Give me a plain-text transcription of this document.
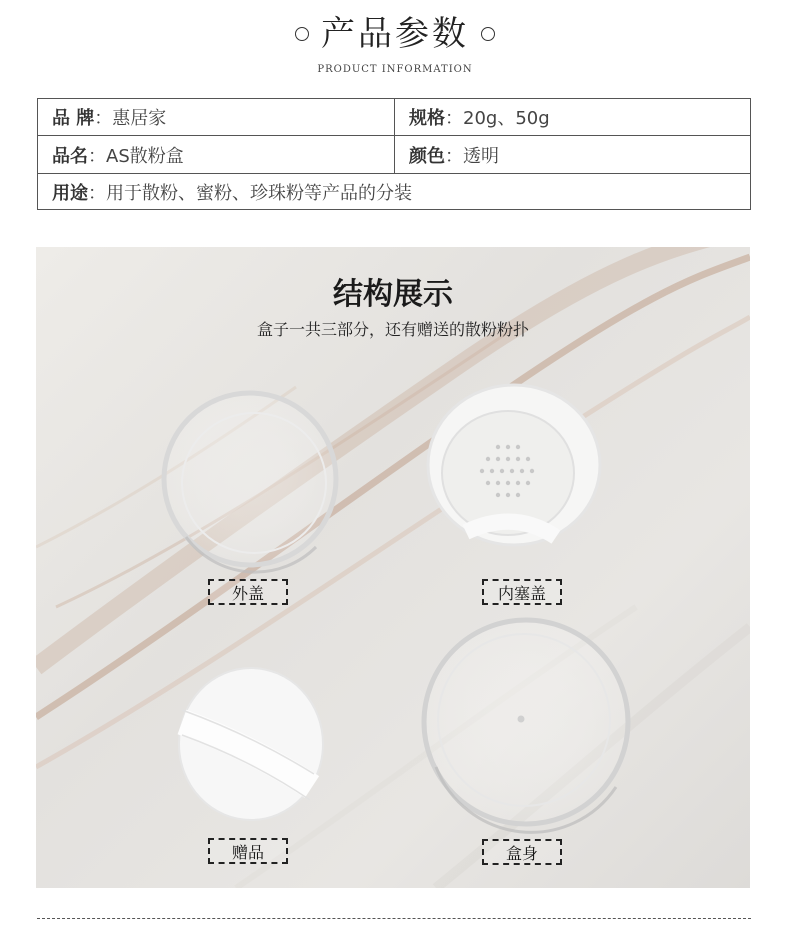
产品参数
PRODUCT INFORMATION
品 牌 ：惠居家	规格 ：20g、50g
品名 ：AS散粉盒	颜色 ：透明
用途 ：用于散粉、蜜粉、珍珠粉等产品的分装
结构展示
盒子一共三部分，还有赠送的散粉粉扑
外盖	内塞盖
赠品	盒身
